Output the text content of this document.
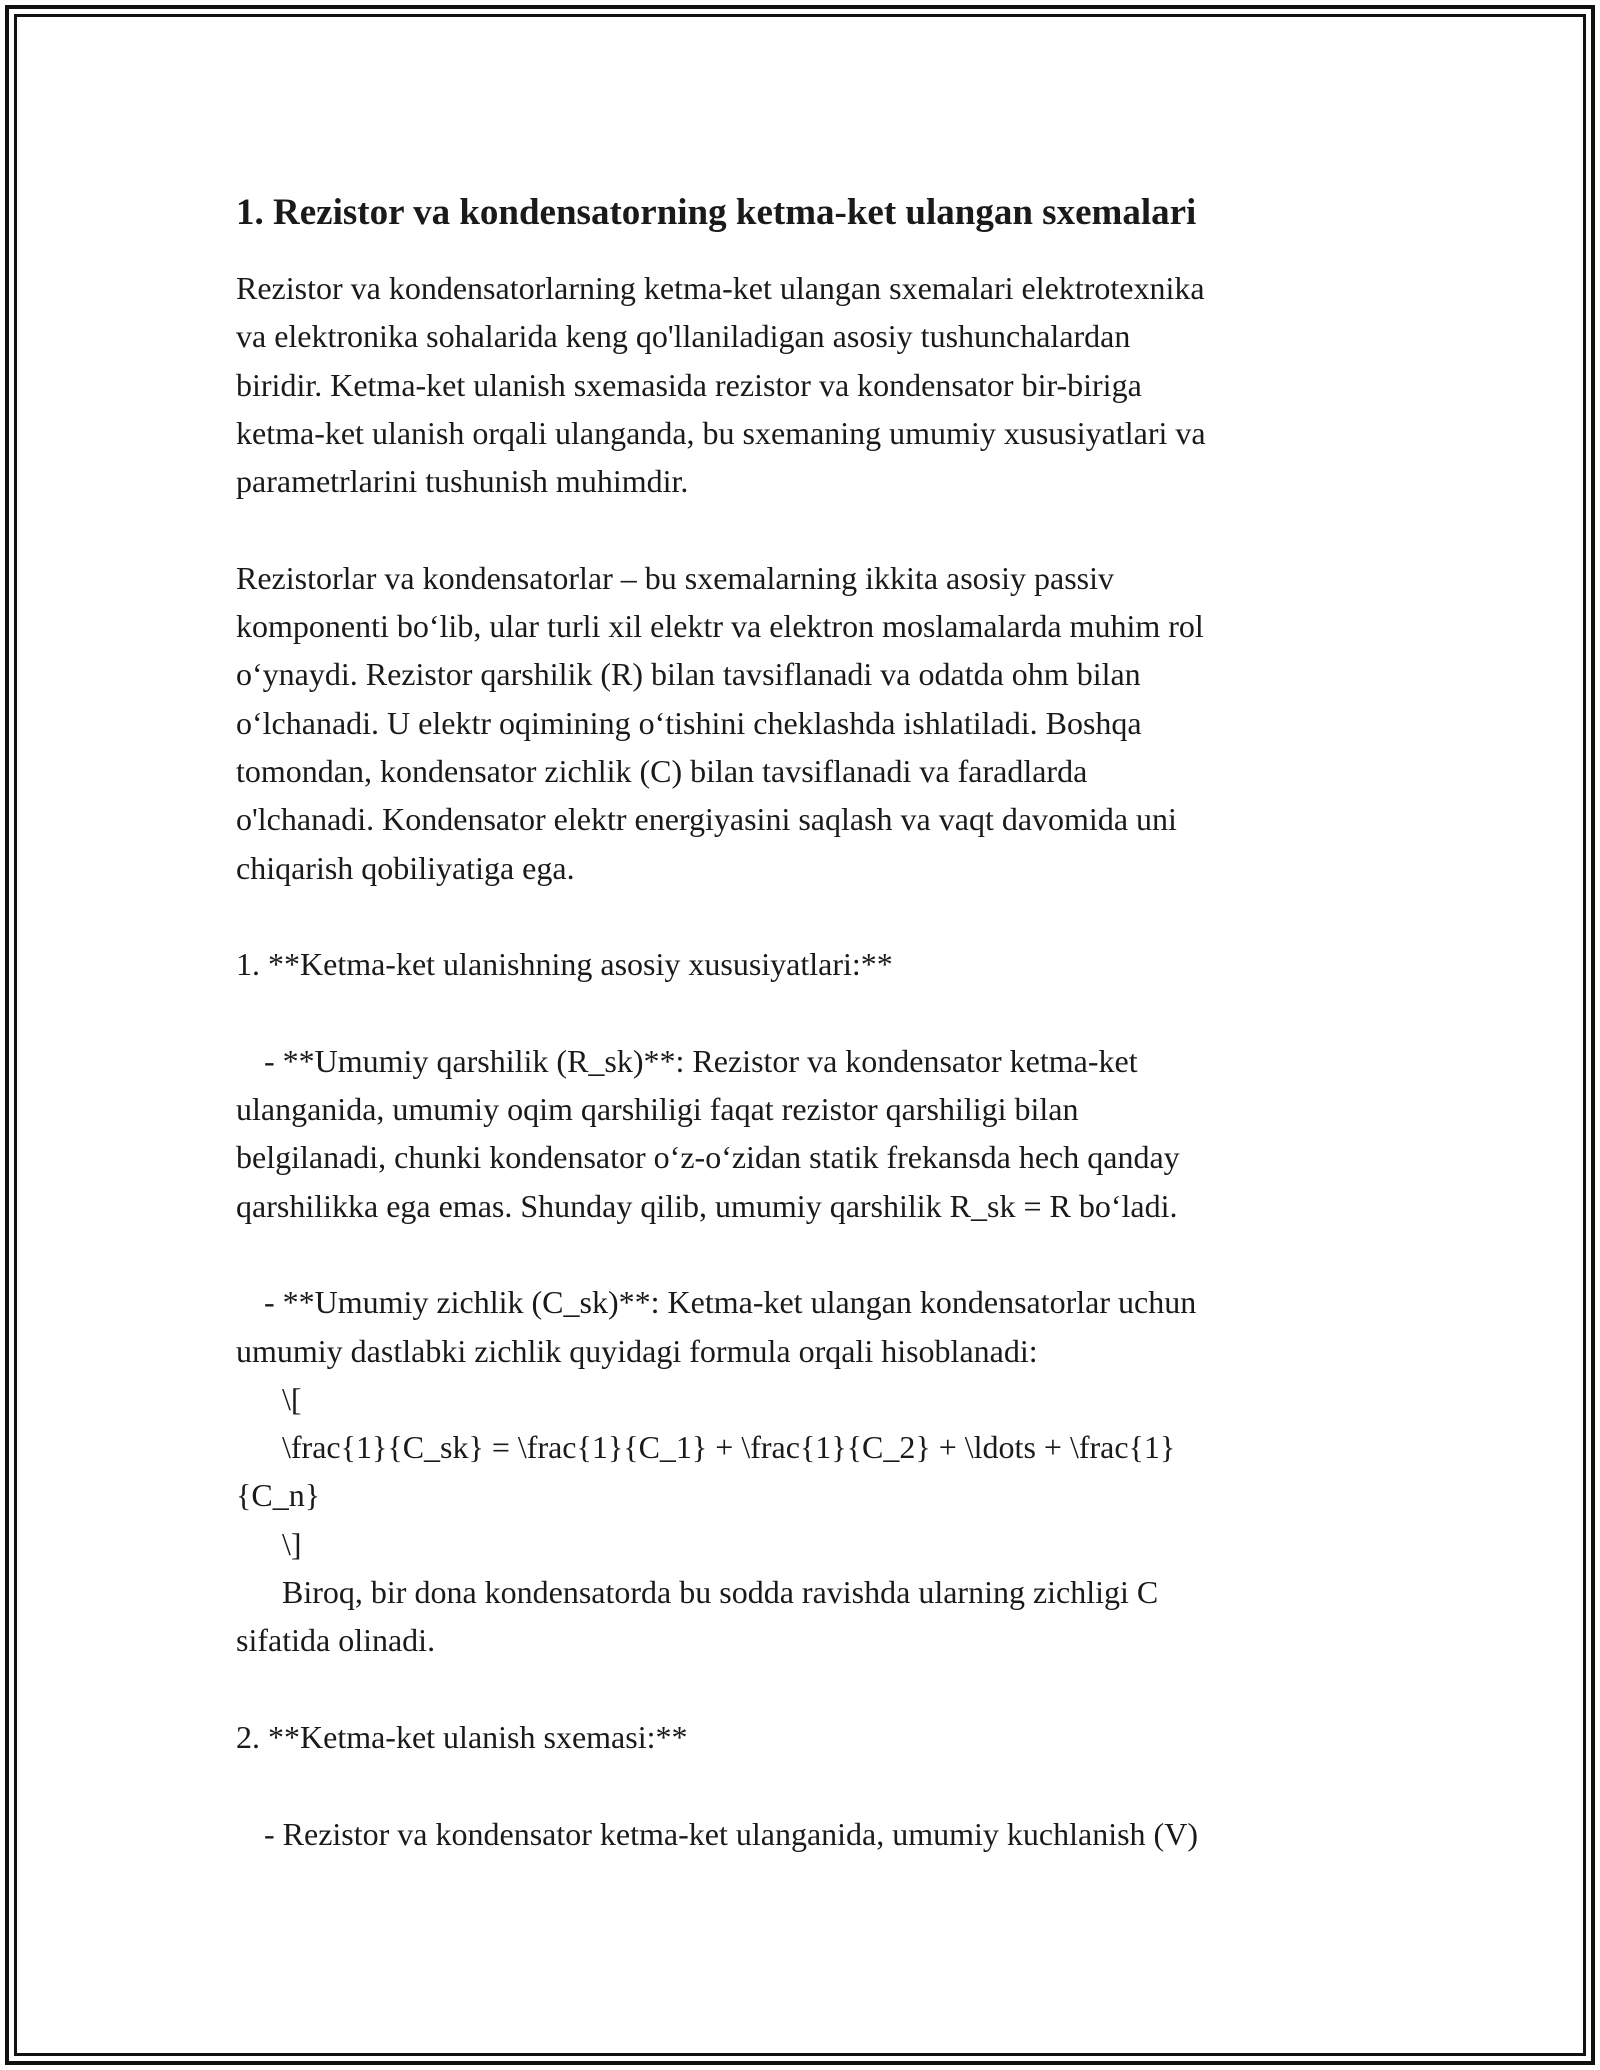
1. Rezistor va kondensatorning ketma-ket ulangan sxemalari

Rezistor va kondensatorlarning ketma-ket ulangan sxemalari elektrotexnika
va elektronika sohalarida keng qo'llaniladigan asosiy tushunchalardan
biridir. Ketma-ket ulanish sxemasida rezistor va kondensator bir-biriga
ketma-ket ulanish orqali ulanganda, bu sxemaning umumiy xususiyatlari va
parametrlarini tushunish muhimdir.

Rezistorlar va kondensatorlar – bu sxemalarning ikkita asosiy passiv
komponenti bo‘lib, ular turli xil elektr va elektron moslamalarda muhim rol
o‘ynaydi. Rezistor qarshilik (R) bilan tavsiflanadi va odatda ohm bilan
o‘lchanadi. U elektr oqimining o‘tishini cheklashda ishlatiladi. Boshqa
tomondan, kondensator zichlik (C) bilan tavsiflanadi va faradlarda
o'lchanadi. Kondensator elektr energiyasini saqlash va vaqt davomida uni
chiqarish qobiliyatiga ega.

1. **Ketma-ket ulanishning asosiy xususiyatlari:**

- **Umumiy qarshilik (R_sk)**: Rezistor va kondensator ketma-ket
ulanganida, umumiy oqim qarshiligi faqat rezistor qarshiligi bilan
belgilanadi, chunki kondensator o‘z-o‘zidan statik frekansda hech qanday
qarshilikka ega emas. Shunday qilib, umumiy qarshilik R_sk = R bo‘ladi.

- **Umumiy zichlik (C_sk)**: Ketma-ket ulangan kondensatorlar uchun
umumiy dastlabki zichlik quyidagi formula orqali hisoblanadi:

\[

\frac{1}{C_sk} = \frac{1}{C_1} + \frac{1}{C_2} + \ldots + \frac{1}

{C_n}

\]

Biroq, bir dona kondensatorda bu sodda ravishda ularning zichligi C

sifatida olinadi.

2. **Ketma-ket ulanish sxemasi:**

- Rezistor va kondensator ketma-ket ulanganida, umumiy kuchlanish (V)
